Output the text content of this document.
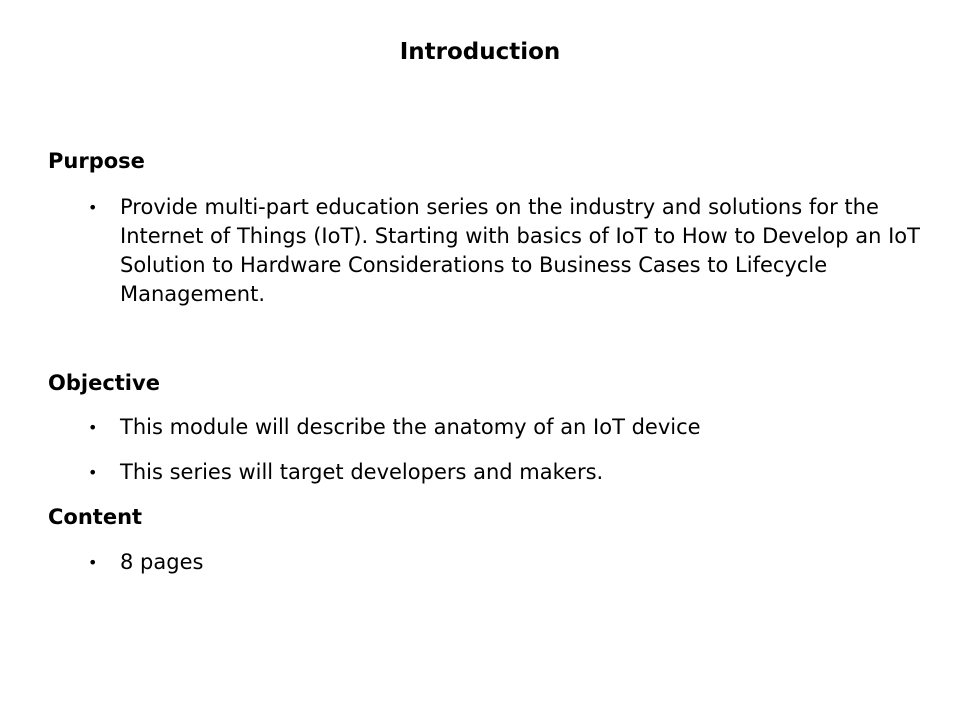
Introduction
Purpose
• Provide multi-part education series on the industry and solutions for the Internet of Things (IoT). Starting with basics of IoT to How to Develop an IoT Solution to Hardware Considerations to Business Cases to Lifecycle Management.
Objective
• This module will describe the anatomy of an IoT device
• This series will target developers and makers.
Content
• 8 pages
